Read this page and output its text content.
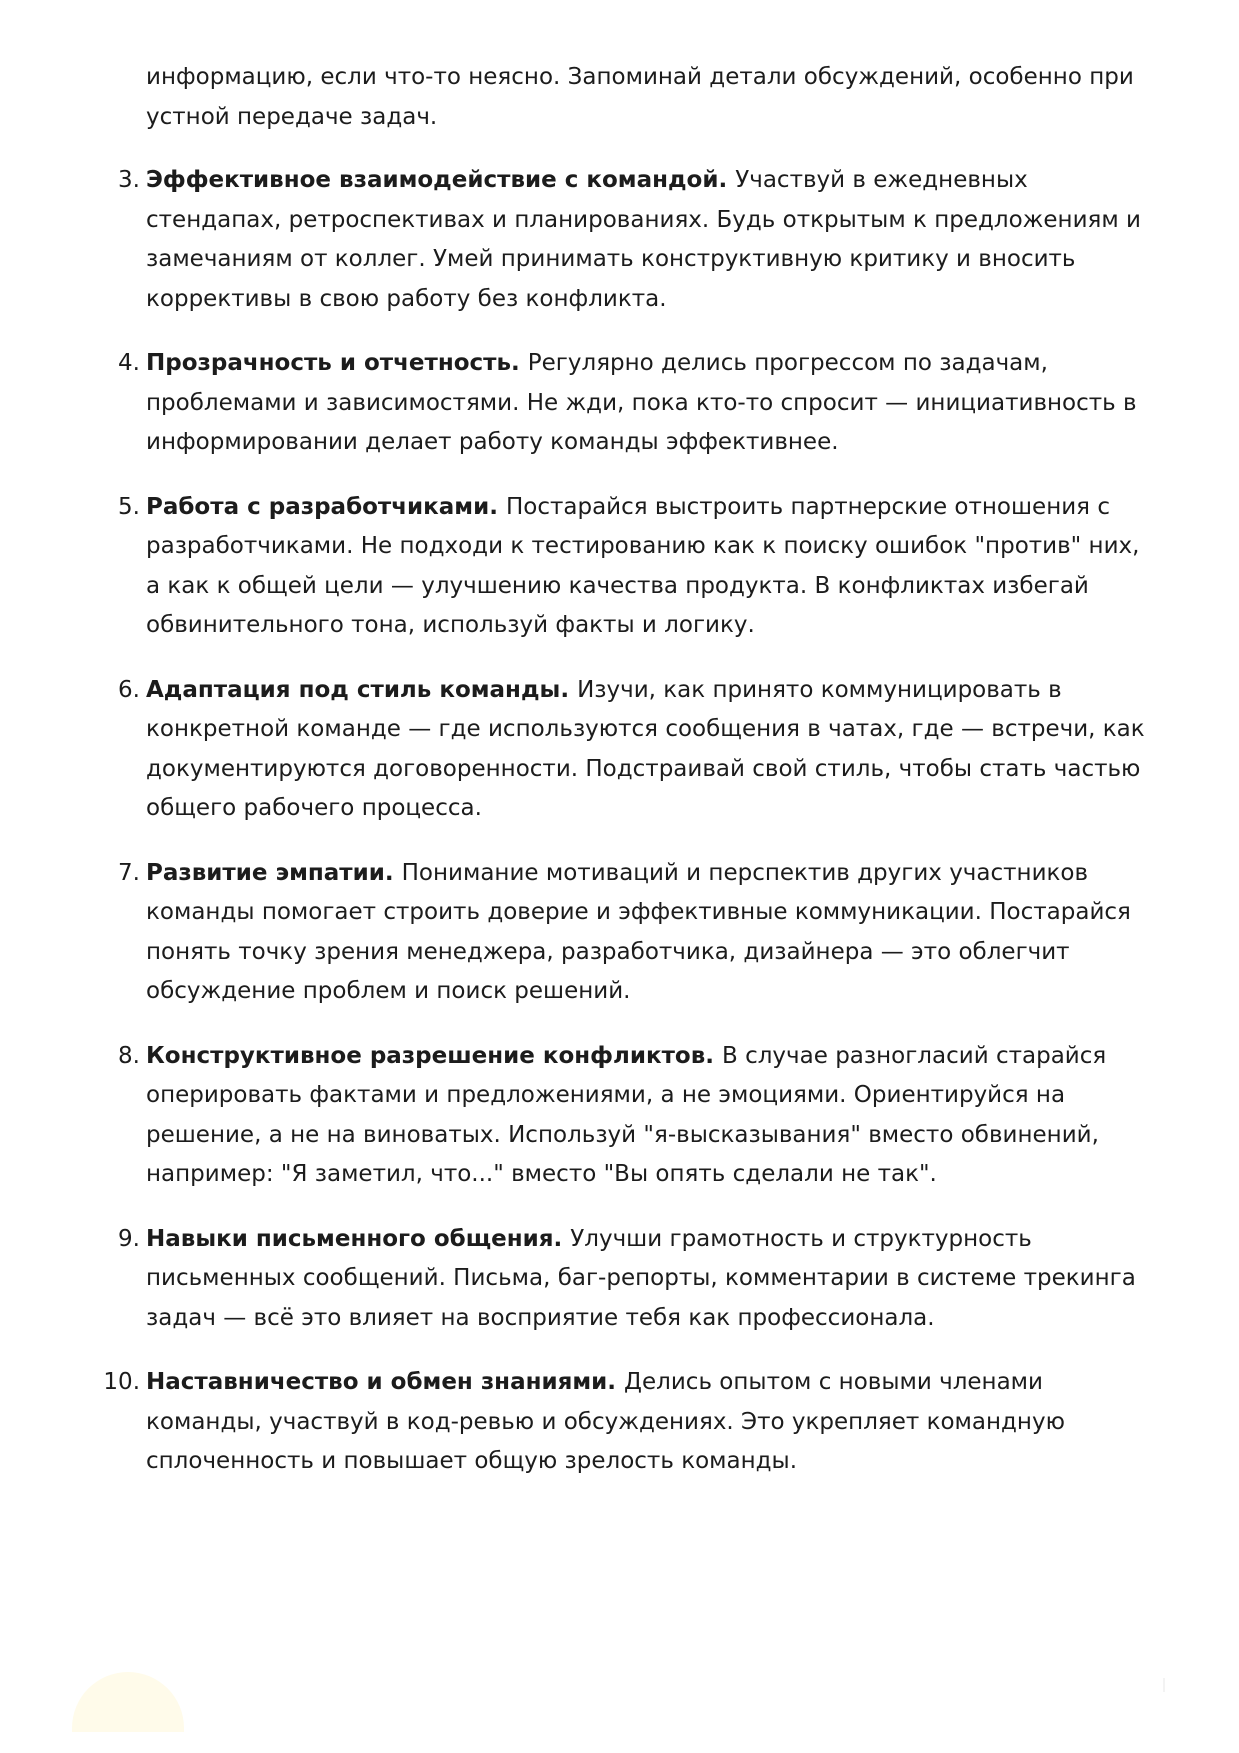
информацию, если что-то неясно. Запоминай детали обсуждений, особенно при устной передаче задач.

3. Эффективное взаимодействие с командой. Участвуй в ежедневных стендапах, ретроспективах и планированиях. Будь открытым к предложениям и замечаниям от коллег. Умей принимать конструктивную критику и вносить коррективы в свою работу без конфликта.
4. Прозрачность и отчетность. Регулярно делись прогрессом по задачам, проблемами и зависимостями. Не жди, пока кто-то спросит — инициативность в информировании делает работу команды эффективнее.
5. Работа с разработчиками. Постарайся выстроить партнерские отношения с разработчиками. Не подходи к тестированию как к поиску ошибок "против" них, а как к общей цели — улучшению качества продукта. В конфликтах избегай обвинительного тона, используй факты и логику.
6. Адаптация под стиль команды. Изучи, как принято коммуницировать в конкретной команде — где используются сообщения в чатах, где — встречи, как документируются договоренности. Подстраивай свой стиль, чтобы стать частью общего рабочего процесса.
7. Развитие эмпатии. Понимание мотиваций и перспектив других участников команды помогает строить доверие и эффективные коммуникации. Постарайся понять точку зрения менеджера, разработчика, дизайнера — это облегчит обсуждение проблем и поиск решений.
8. Конструктивное разрешение конфликтов. В случае разногласий старайся оперировать фактами и предложениями, а не эмоциями. Ориентируйся на решение, а не на виноватых. Используй "я-высказывания" вместо обвинений, например: "Я заметил, что..." вместо "Вы опять сделали не так".
9. Навыки письменного общения. Улучши грамотность и структурность письменных сообщений. Письма, баг-репорты, комментарии в системе трекинга задач — всё это влияет на восприятие тебя как профессионала.
10. Наставничество и обмен знаниями. Делись опытом с новыми членами команды, участвуй в код-ревью и обсуждениях. Это укрепляет командную сплоченность и повышает общую зрелость команды.
